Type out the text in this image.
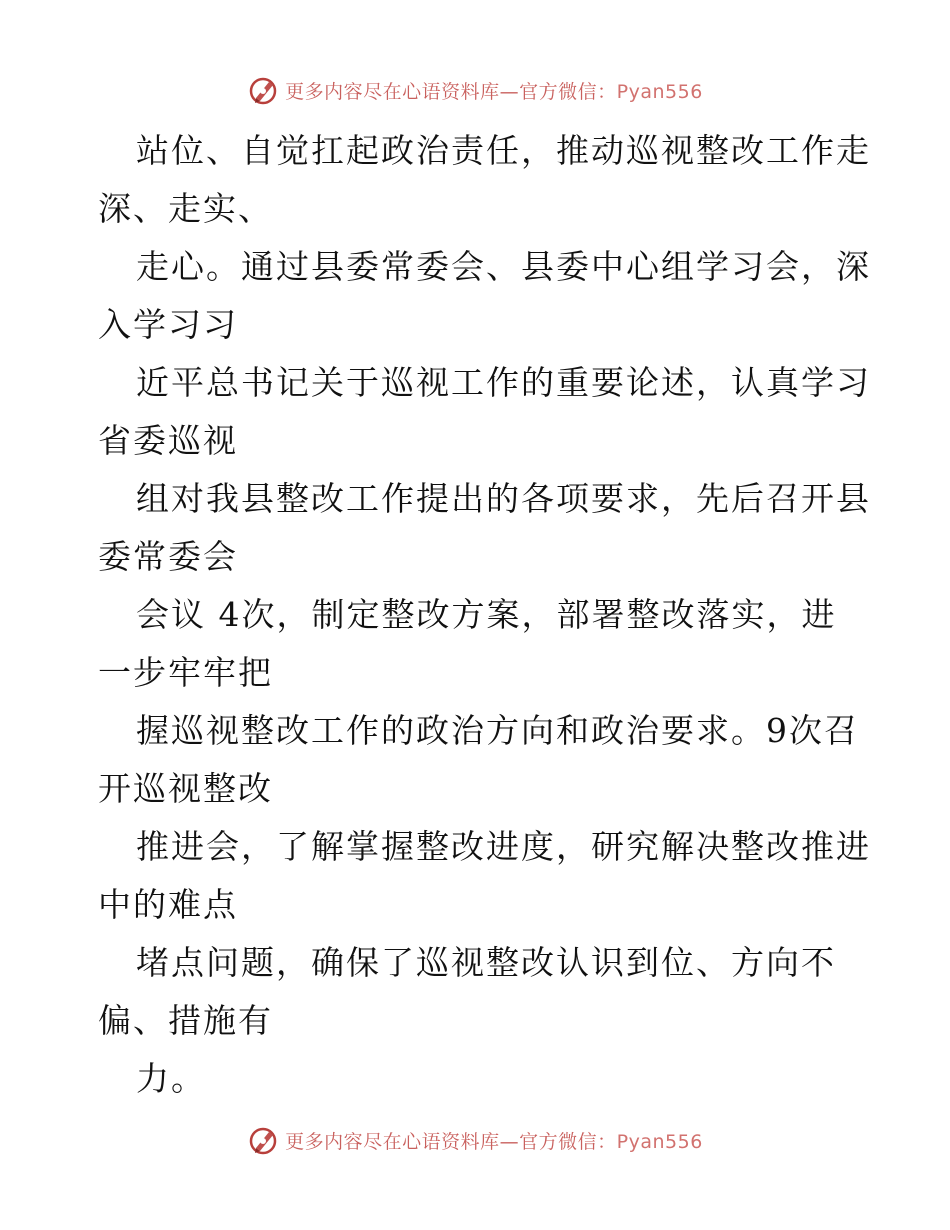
更多内容尽在心语资料库—官方微信：Pyan556

站位、自觉扛起政治责任，推动巡视整改工作走

深、走实、

走心。通过县委常委会、县委中心组学习会，深

入学习习

近平总书记关于巡视工作的重要论述，认真学习

省委巡视

组对我县整改工作提出的各项要求，先后召开县

委常委会

会议 4次，制定整改方案，部署整改落实，进

一步牢牢把

握巡视整改工作的政治方向和政治要求。9次召

开巡视整改

推进会，了解掌握整改进度，研究解决整改推进

中的难点

堵点问题，确保了巡视整改认识到位、方向不

偏、措施有

力。

更多内容尽在心语资料库—官方微信：Pyan556
